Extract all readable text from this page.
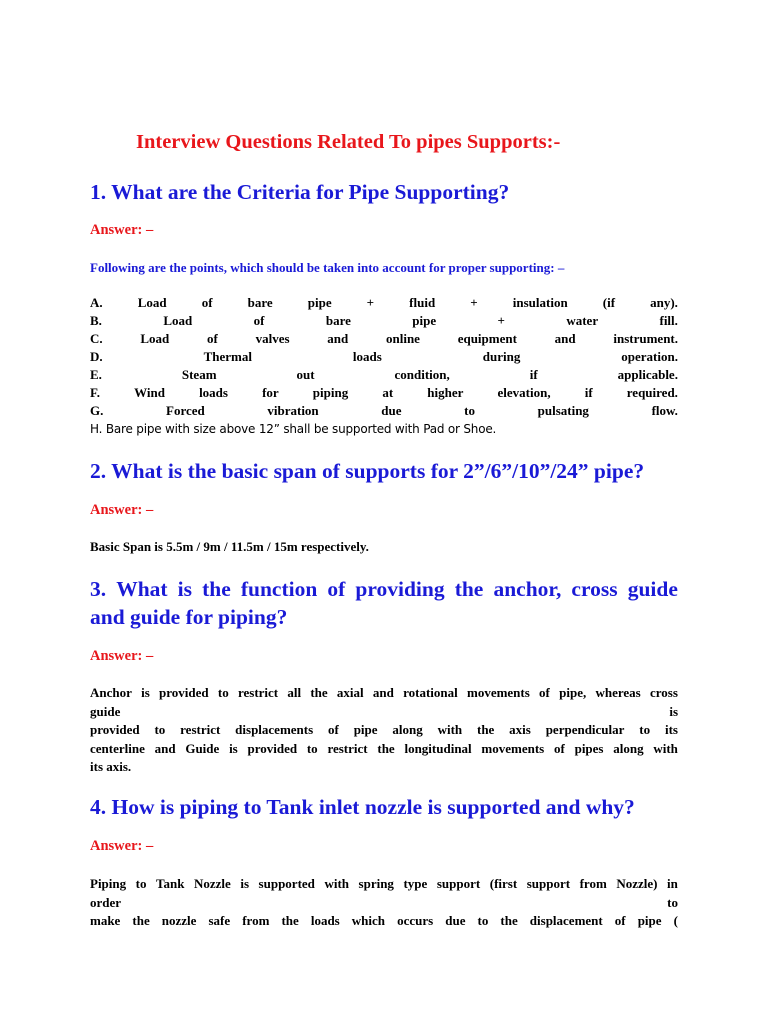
Interview Questions Related To pipes Supports:-
1. What are the Criteria for Pipe Supporting?
Answer: –
Following are the points, which should be taken into account for proper supporting: –
A.	Load	of	bare	pipe	+	fluid	+	insulation	(if	any).
B.	Load	of	bare	pipe	+	water	fill.
C.	Load	of	valves	and	online	equipment	and	instrument.
D.	Thermal	loads	during	operation.
E.	Steam	out	condition,	if	applicable.
F.	Wind	loads	for	piping	at	higher	elevation,	if	required.
G.	Forced	vibration	due	to	pulsating	flow.
H. Bare pipe with size above 12” shall be supported with Pad or Shoe.
2. What is the basic span of supports for 2”/6”/10”/24” pipe?
Answer: –
Basic Span is 5.5m / 9m / 11.5m / 15m respectively.
3. What is the function of providing the anchor, cross guide
and guide for piping?
Answer: –
Anchor is provided to restrict all the axial and rotational movements of pipe, whereas cross
guide	is
provided to restrict displacements of pipe along with the axis perpendicular to its
centerline and Guide is provided to restrict the longitudinal movements of pipes along with
its axis.
4. How is piping to Tank inlet nozzle is supported and why?
Answer: –
Piping to Tank Nozzle is supported with spring type support (first support from Nozzle) in
order	to
make the nozzle safe from the loads which occurs due to the displacement of pipe (
